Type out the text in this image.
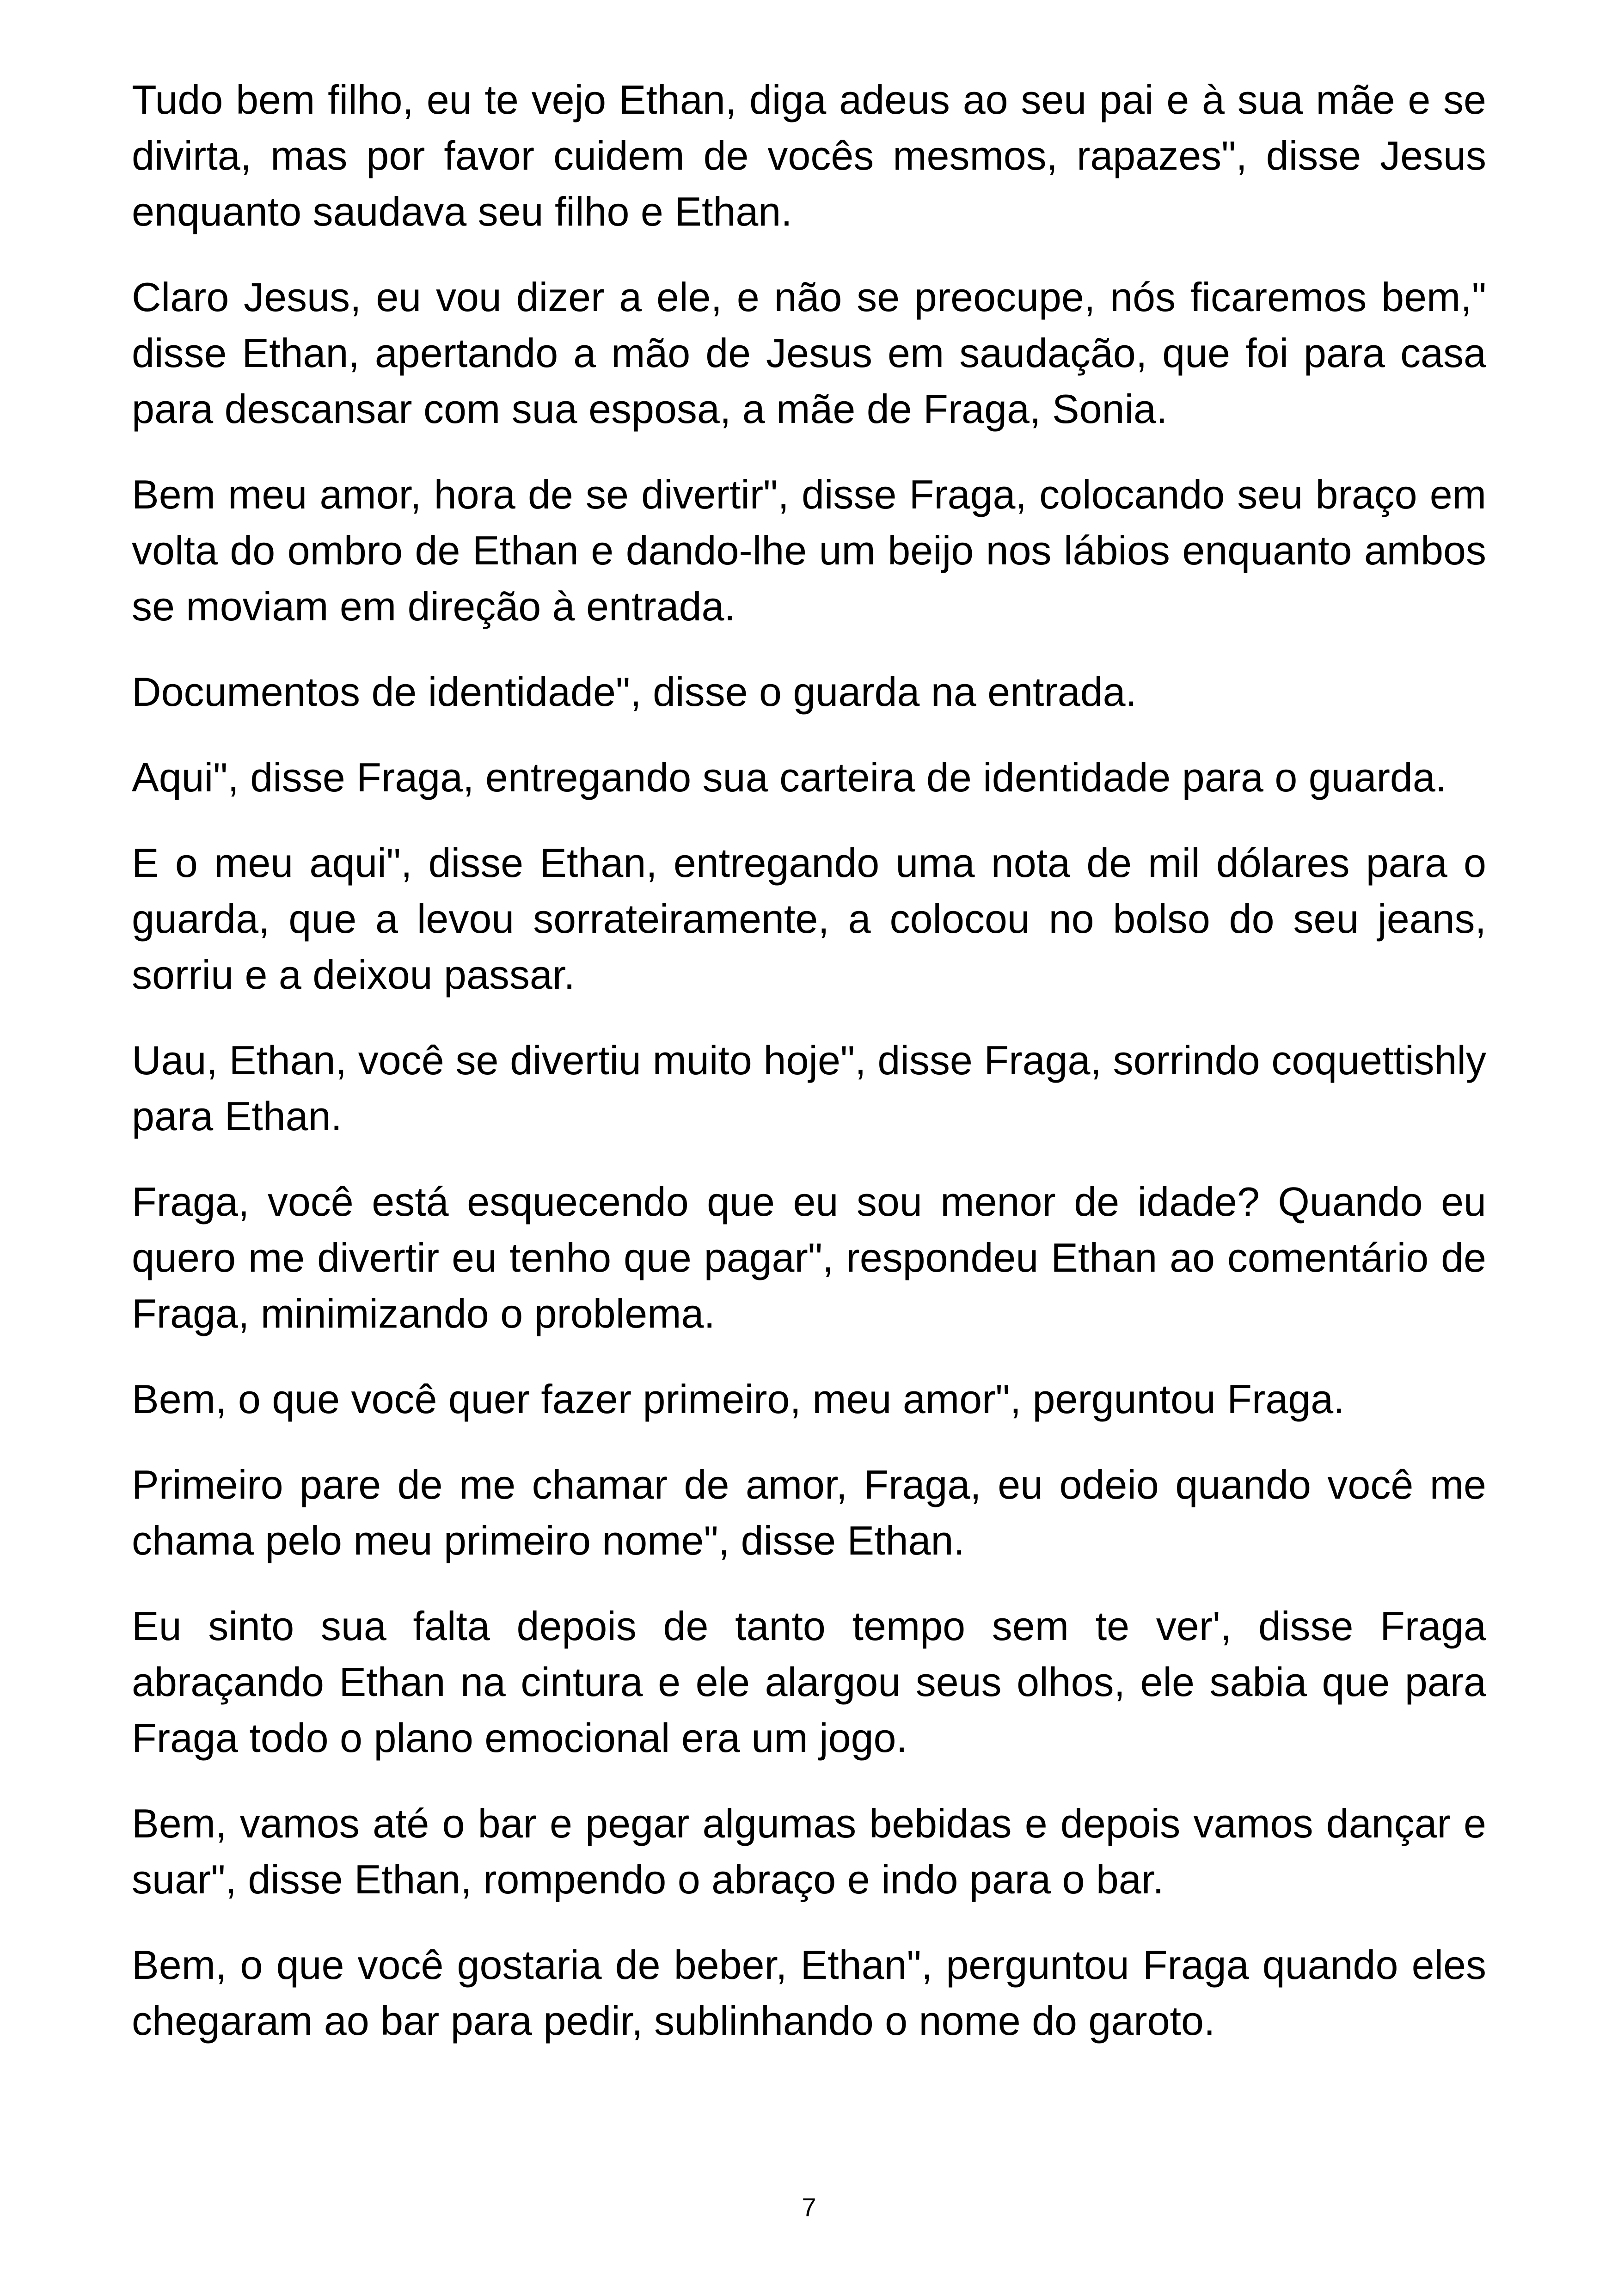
Tudo bem filho, eu te vejo Ethan, diga adeus ao seu pai e à sua mãe e se divirta, mas por favor cuidem de vocês mesmos, rapazes", disse Jesus enquanto saudava seu filho e Ethan.

Claro Jesus, eu vou dizer a ele, e não se preocupe, nós ficaremos bem," disse Ethan, apertando a mão de Jesus em saudação, que foi para casa para descansar com sua esposa, a mãe de Fraga, Sonia.

Bem meu amor, hora de se divertir", disse Fraga, colocando seu braço em volta do ombro de Ethan e dando-lhe um beijo nos lábios enquanto ambos se moviam em direção à entrada.

Documentos de identidade", disse o guarda na entrada.

Aqui", disse Fraga, entregando sua carteira de identidade para o guarda.

E o meu aqui", disse Ethan, entregando uma nota de mil dólares para o guarda, que a levou sorrateiramente, a colocou no bolso do seu jeans, sorriu e a deixou passar.

Uau, Ethan, você se divertiu muito hoje", disse Fraga, sorrindo coquettishly para Ethan.

Fraga, você está esquecendo que eu sou menor de idade? Quando eu quero me divertir eu tenho que pagar", respondeu Ethan ao comentário de Fraga, minimizando o problema.

Bem, o que você quer fazer primeiro, meu amor", perguntou Fraga.

Primeiro pare de me chamar de amor, Fraga, eu odeio quando você me chama pelo meu primeiro nome", disse Ethan.

Eu sinto sua falta depois de tanto tempo sem te ver', disse Fraga abraçando Ethan na cintura e ele alargou seus olhos, ele sabia que para Fraga todo o plano emocional era um jogo.

Bem, vamos até o bar e pegar algumas bebidas e depois vamos dançar e suar", disse Ethan, rompendo o abraço e indo para o bar.

Bem, o que você gostaria de beber, Ethan", perguntou Fraga quando eles chegaram ao bar para pedir, sublinhando o nome do garoto.

7
